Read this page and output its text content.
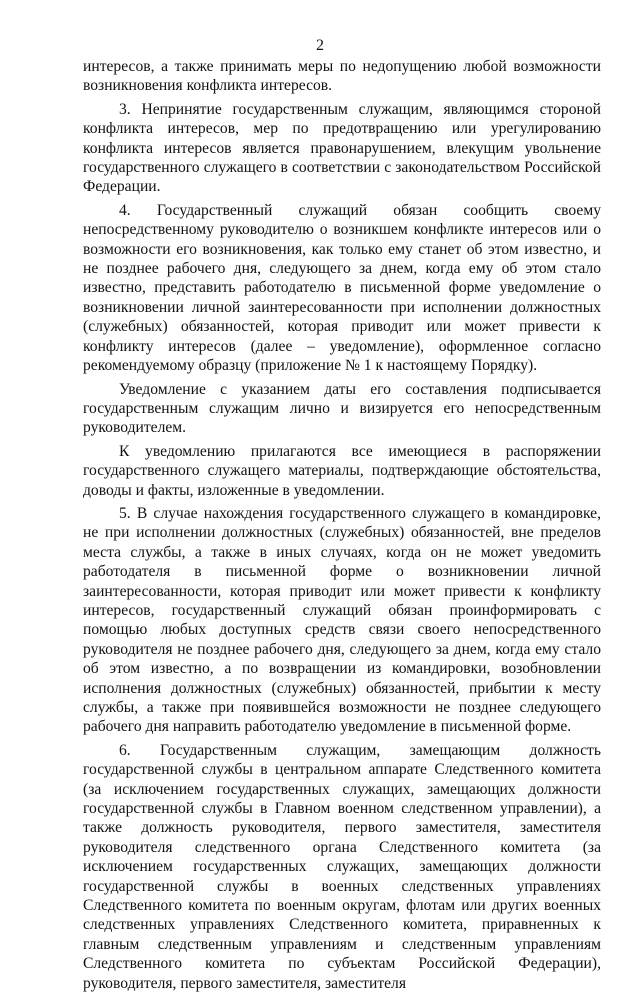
2

интересов, а также принимать меры по недопущению любой возможности возникновения конфликта интересов.

3. Непринятие государственным служащим, являющимся стороной конфликта интересов, мер по предотвращению или урегулированию конфликта интересов является правонарушением, влекущим увольнение государственного служащего в соответствии с законодательством Российской Федерации.

4. Государственный служащий обязан сообщить своему непосредственному руководителю о возникшем конфликте интересов или о возможности его возникновения, как только ему станет об этом известно, и не позднее рабочего дня, следующего за днем, когда ему об этом стало известно, представить работодателю в письменной форме уведомление о возникновении личной заинтересованности при исполнении должностных (служебных) обязанностей, которая приводит или может привести к конфликту интересов (далее – уведомление), оформленное согласно рекомендуемому образцу (приложение № 1 к настоящему Порядку).

Уведомление с указанием даты его составления подписывается государственным служащим лично и визируется его непосредственным руководителем.

К уведомлению прилагаются все имеющиеся в распоряжении государственного служащего материалы, подтверждающие обстоятельства, доводы и факты, изложенные в уведомлении.

5. В случае нахождения государственного служащего в командировке, не при исполнении должностных (служебных) обязанностей, вне пределов места службы, а также в иных случаях, когда он не может уведомить работодателя в письменной форме о возникновении личной заинтересованности, которая приводит или может привести к конфликту интересов, государственный служащий обязан проинформировать с помощью любых доступных средств связи своего непосредственного руководителя не позднее рабочего дня, следующего за днем, когда ему стало об этом известно, а по возвращении из командировки, возобновлении исполнения должностных (служебных) обязанностей, прибытии к месту службы, а также при появившейся возможности не позднее следующего рабочего дня направить работодателю уведомление в письменной форме.

6. Государственным служащим, замещающим должность государственной службы в центральном аппарате Следственного комитета (за исключением государственных служащих, замещающих должности государственной службы в Главном военном следственном управлении), а также должность руководителя, первого заместителя, заместителя руководителя следственного органа Следственного комитета (за исключением государственных служащих, замещающих должности государственной службы в военных следственных управлениях Следственного комитета по военным округам, флотам или других военных следственных управлениях Следственного комитета, приравненных к главным следственным управлениям и следственным управлениям Следственного комитета по субъектам Российской Федерации), руководителя, первого заместителя, заместителя
